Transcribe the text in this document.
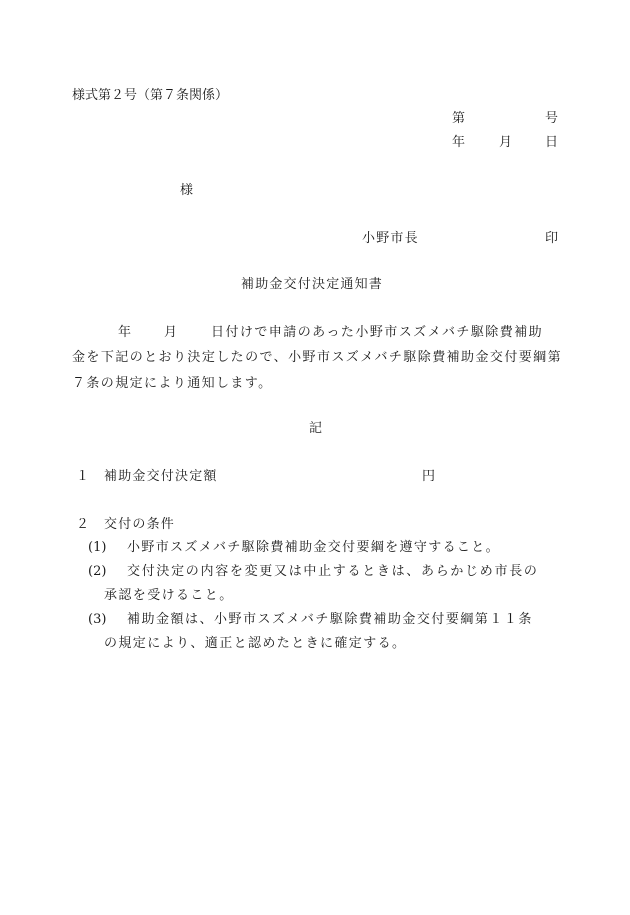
様式第２号（第７条関係）
第	号
年	月	日
様
小野市長	印
補助金交付決定通知書
年	月	日付けで申請のあった小野市スズメバチ駆除費補助
金を下記のとおり決定したので、小野市スズメバチ駆除費補助金交付要綱第７条の規定により通知します。
記
１ 補助金交付決定額	円
２ 交付の条件
(1) 小野市スズメバチ駆除費補助金交付要綱を遵守すること。
(2) 交付決定の内容を変更又は中止するときは、あらかじめ市長の
承認を受けること。
(3) 補助金額は、小野市スズメバチ駆除費補助金交付要綱第１１条
の規定により、適正と認めたときに確定する。
